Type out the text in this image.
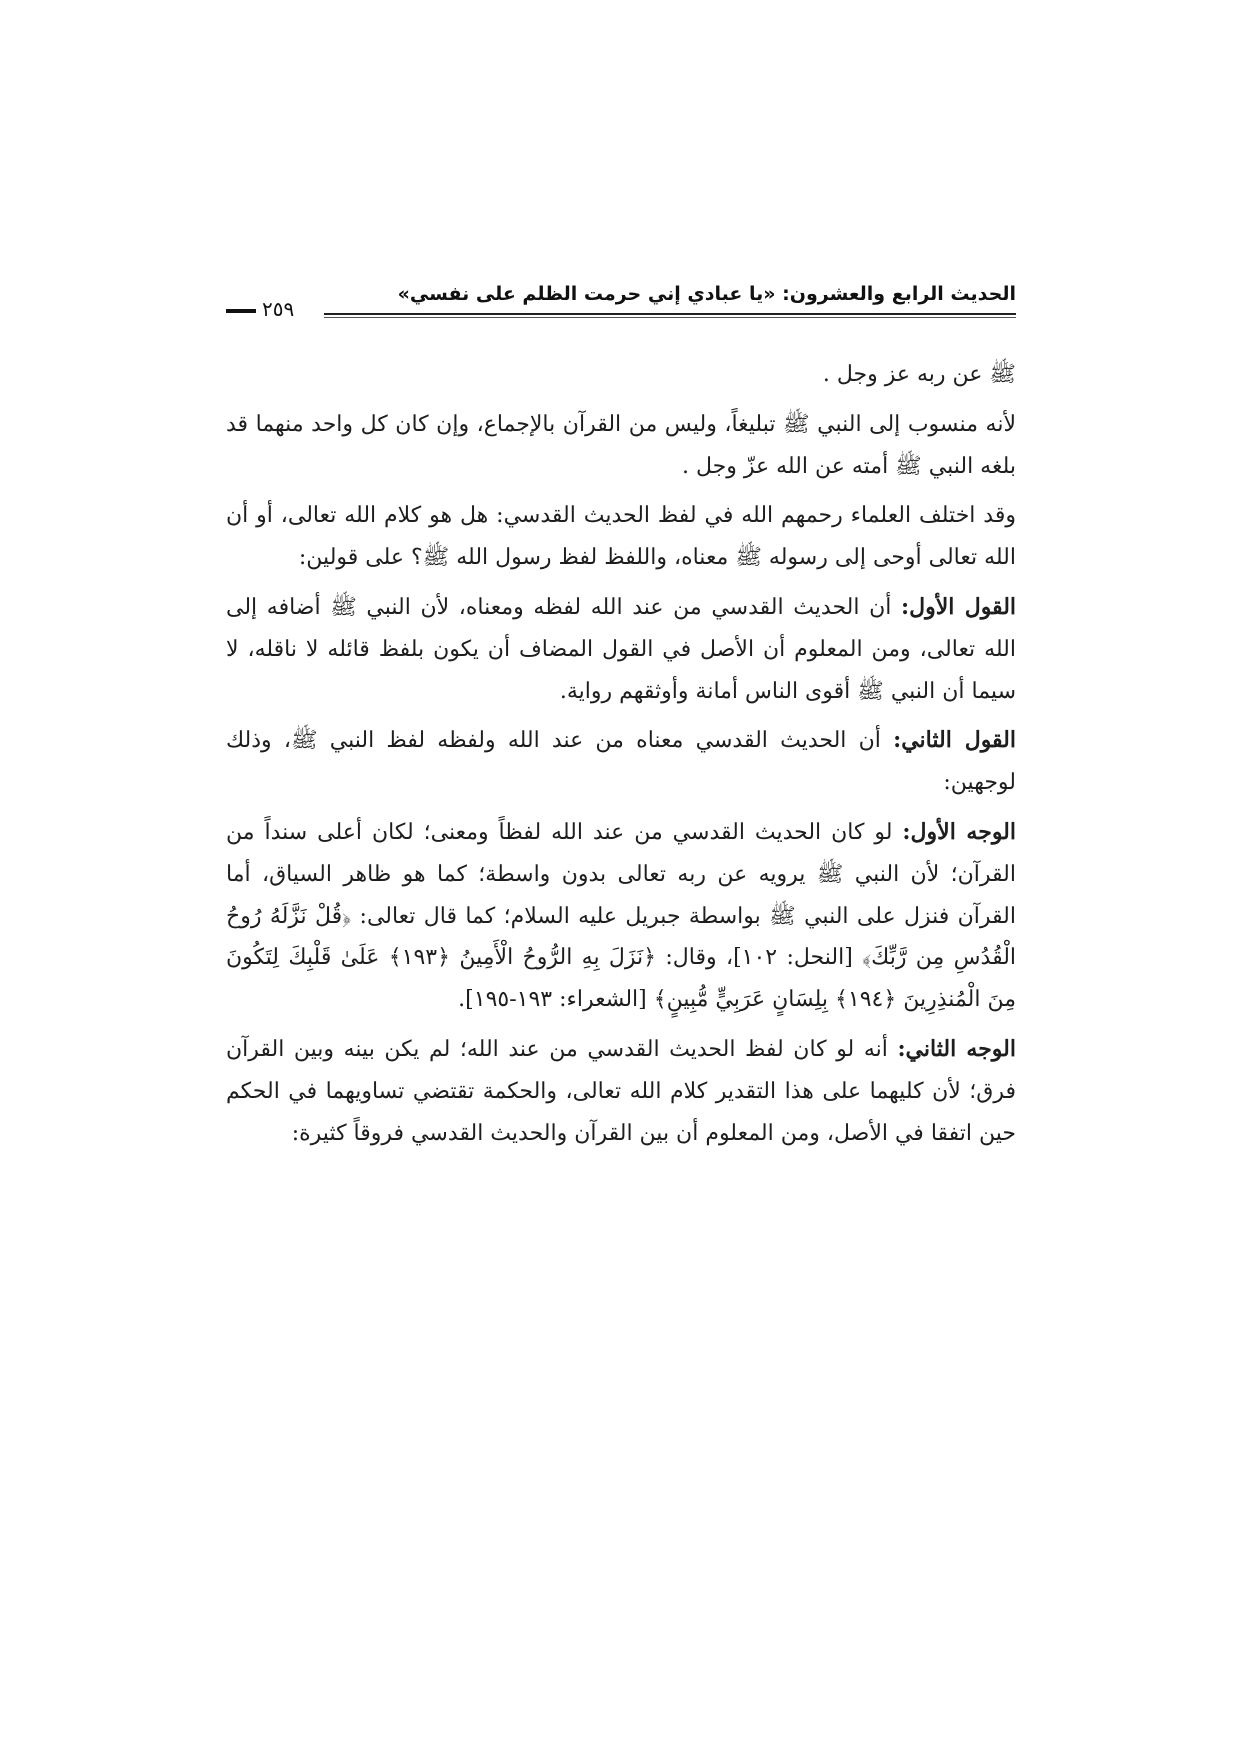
الحديث الرابع والعشرون: «يا عبادي إني حرمت الظلم على نفسي»
٢٥٩

ﷺ عن ربه عز وجل .

لأنه منسوب إلى النبي ﷺ تبليغاً، وليس من القرآن بالإجماع، وإن كان كل واحد منهما قد بلغه النبي ﷺ أمته عن الله عزّ وجل .

وقد اختلف العلماء رحمهم الله في لفظ الحديث القدسي: هل هو كلام الله تعالى، أو أن الله تعالى أوحى إلى رسوله ﷺ معناه، واللفظ لفظ رسول الله ﷺ؟ على قولين:

القول الأول: أن الحديث القدسي من عند الله لفظه ومعناه، لأن النبي ﷺ أضافه إلى الله تعالى، ومن المعلوم أن الأصل في القول المضاف أن يكون بلفظ قائله لا ناقله، لا سيما أن النبي ﷺ أقوى الناس أمانة وأوثقهم رواية.

القول الثاني: أن الحديث القدسي معناه من عند الله ولفظه لفظ النبي ﷺ، وذلك لوجهين:

الوجه الأول: لو كان الحديث القدسي من عند الله لفظاً ومعنى؛ لكان أعلى سنداً من القرآن؛ لأن النبي ﷺ يرويه عن ربه تعالى بدون واسطة؛ كما هو ظاهر السياق، أما القرآن فنزل على النبي ﷺ بواسطة جبريل عليه السلام؛ كما قال تعالى: ﴿قُلْ نَزَّلَهُ رُوحُ الْقُدُسِ مِن رَّبِّكَ﴾ [النحل: ١٠٢]، وقال: ﴿نَزَلَ بِهِ الرُّوحُ الْأَمِينُ ﴿١٩٣﴾ عَلَىٰ قَلْبِكَ لِتَكُونَ مِنَ الْمُنذِرِينَ ﴿١٩٤﴾ بِلِسَانٍ عَرَبِيٍّ مُّبِينٍ﴾ [الشعراء: ١٩٣-١٩٥].

الوجه الثاني: أنه لو كان لفظ الحديث القدسي من عند الله؛ لم يكن بينه وبين القرآن فرق؛ لأن كليهما على هذا التقدير كلام الله تعالى، والحكمة تقتضي تساويهما في الحكم حين اتفقا في الأصل، ومن المعلوم أن بين القرآن والحديث القدسي فروقاً كثيرة:
